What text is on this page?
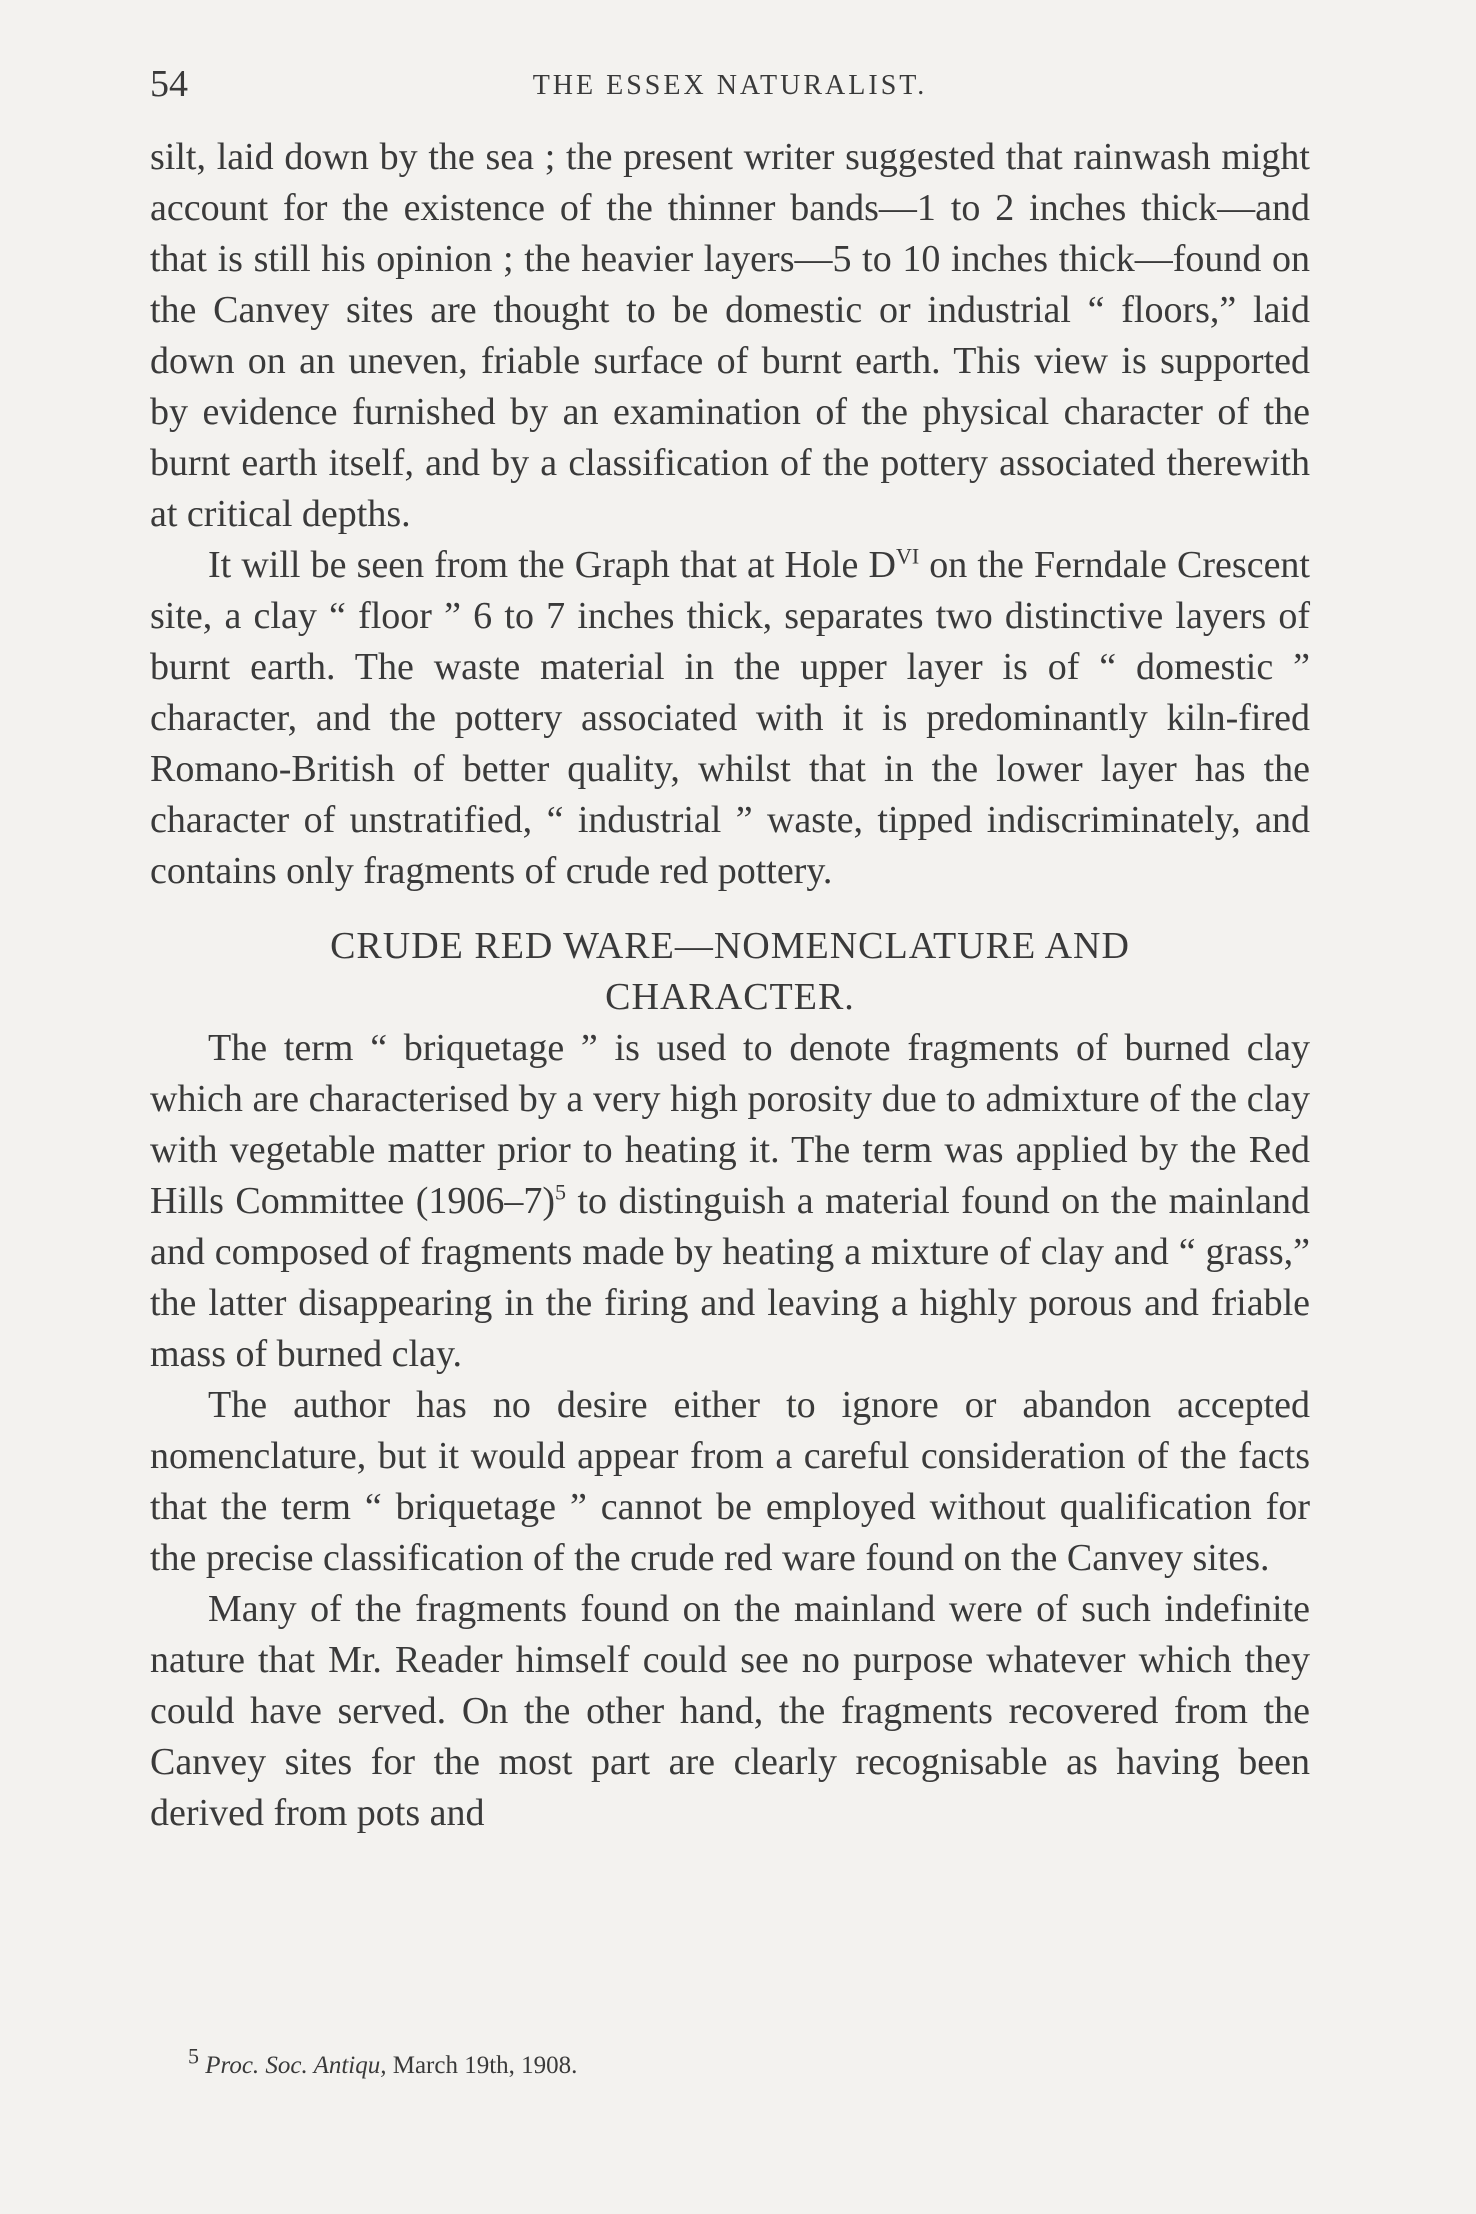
54	THE ESSEX NATURALIST.

silt, laid down by the sea ; the present writer suggested that rainwash might account for the existence of the thinner bands—1 to 2 inches thick—and that is still his opinion ; the heavier layers—5 to 10 inches thick—found on the Canvey sites are thought to be domestic or industrial “ floors,” laid down on an uneven, friable surface of burnt earth. This view is supported by evidence furnished by an examination of the physical character of the burnt earth itself, and by a classification of the pottery associated therewith at critical depths.

It will be seen from the Graph that at Hole $D^{VI}$ on the Ferndale Crescent site, a clay “ floor ” 6 to 7 inches thick, separates two distinctive layers of burnt earth. The waste material in the upper layer is of “ domestic ” character, and the pottery associated with it is predominantly kiln-fired Romano-British of better quality, whilst that in the lower layer has the character of unstratified, “ industrial ” waste, tipped indiscriminately, and contains only fragments of crude red pottery.

CRUDE RED WARE—NOMENCLATURE AND
CHARACTER.

The term “ briquetage ” is used to denote fragments of burned clay which are characterised by a very high porosity due to admixture of the clay with vegetable matter prior to heating it. The term was applied by the Red Hills Committee $(1906-7)^5$ to distinguish a material found on the mainland and composed of fragments made by heating a mixture of clay and “ grass,” the latter disappearing in the firing and leaving a highly porous and friable mass of burned clay.

The author has no desire either to ignore or abandon accepted nomenclature, but it would appear from a careful consideration of the facts that the term “ briquetage ” cannot be employed without qualification for the precise classification of the crude red ware found on the Canvey sites.

Many of the fragments found on the mainland were of such indefinite nature that Mr. Reader himself could see no purpose whatever which they could have served. On the other hand, the fragments recovered from the Canvey sites for the most part are clearly recognisable as having been derived from pots and

$^5$ Proc. Soc. Antiqu, March 19th, 1908.
